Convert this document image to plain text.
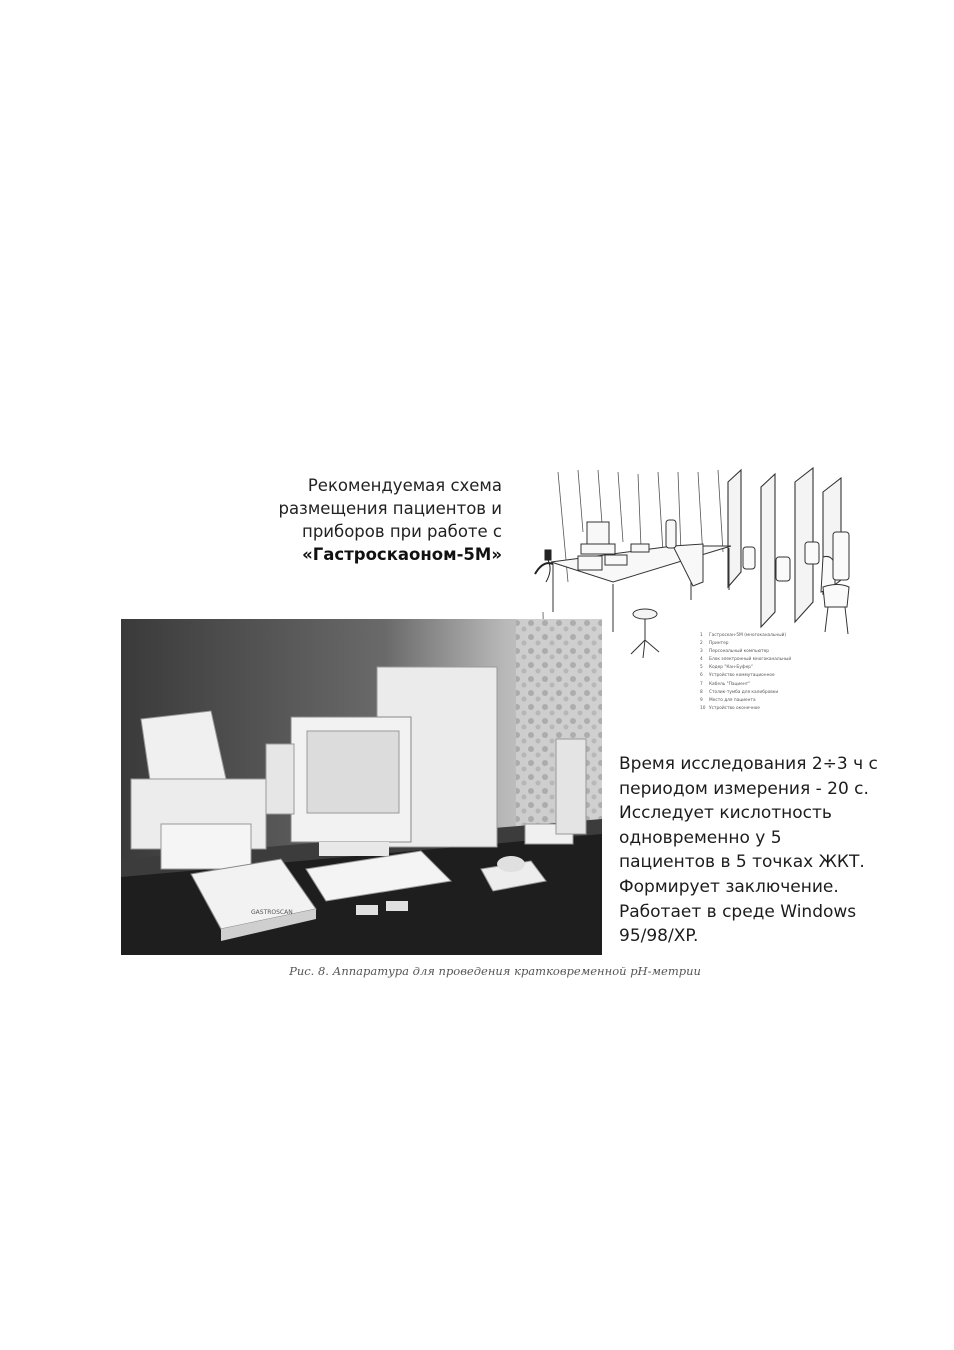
Рекомендуемая схема
размещения пациентов и
приборов при работе с
«Гастроскаоном-5М»
1	Гастроскан-5М (многоканальный)
2	Принтер
3	Персональный компьютер
4	Блок электронный многоканальный
5	Кодер "Кан-Буфер"
6	Устройство коммутационное
7	Кабель "Пациент"
8	Столик-тумба для калибровки
9	Место для пациента
10 Устройство оконечное
GASTROSCAN
Время исследования 2÷3 ч с
периодом измерения - 20 с.
Исследует кислотность
одновременно у 5
пациентов в 5 точках ЖКТ.
Формирует заключение.
Работает в среде Windows
95/98/XP.
Рис. 8. Аппаратура для проведения кратковременной pH-метрии
